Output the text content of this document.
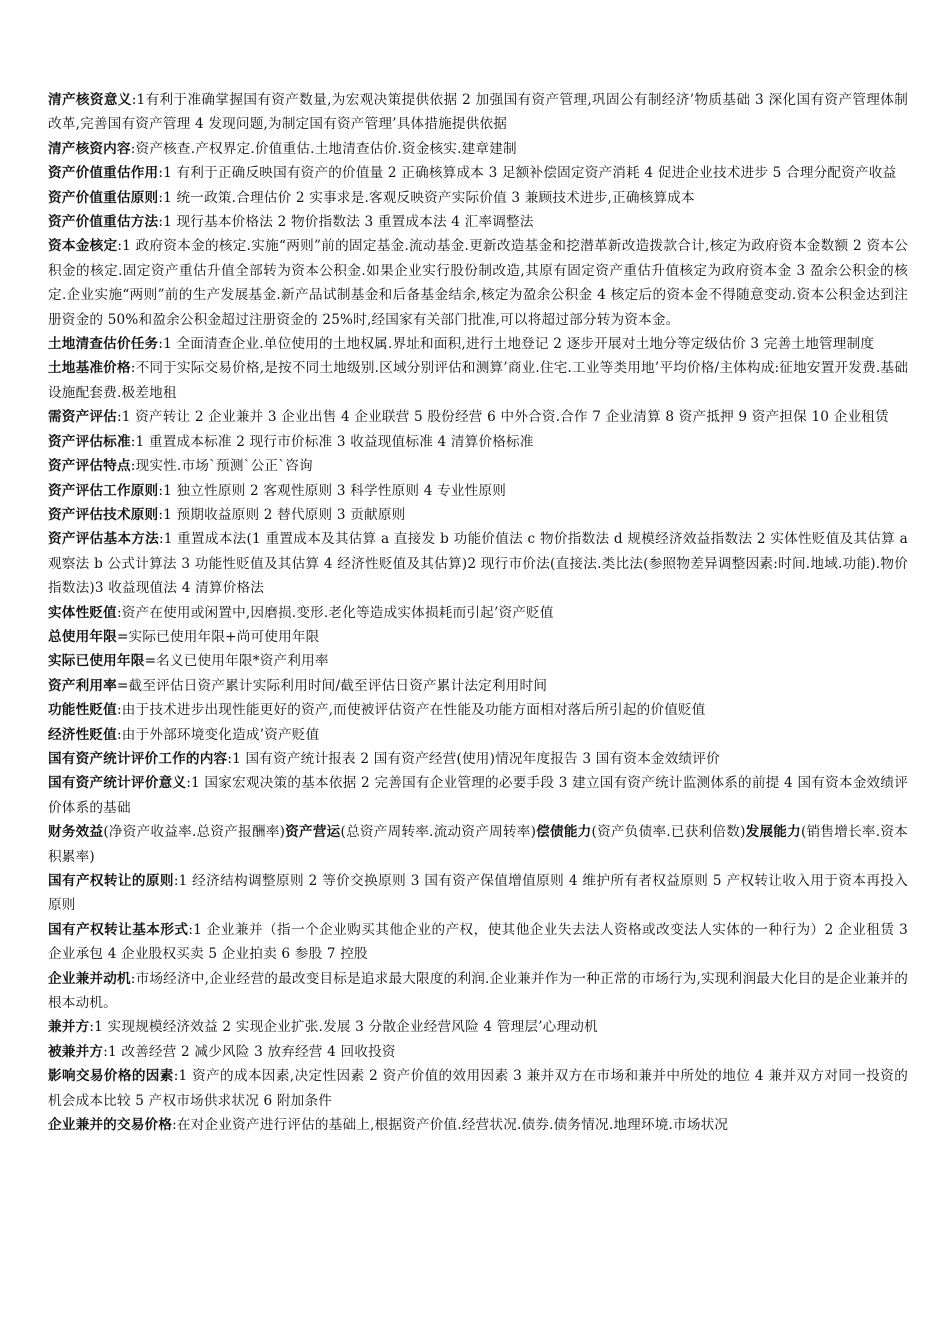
清产核资意义:1有利于准确掌握国有资产数量,为宏观决策提供依据 2 加强国有资产管理,巩固公有制经济’物质基础 3 深化国有资产管理体制改革,完善国有资产管理 4 发现问题,为制定国有资产管理’具体措施提供依据

清产核资内容:资产核查.产权界定.价值重估.土地清查估价.资金核实.建章建制

资产价值重估作用:1 有利于正确反映国有资产的价值量 2 正确核算成本 3 足额补偿固定资产消耗 4 促进企业技术进步 5 合理分配资产收益

资产价值重估原则:1 统一政策.合理估价 2 实事求是.客观反映资产实际价值 3 兼顾技术进步,正确核算成本

资产价值重估方法:1 现行基本价格法 2 物价指数法 3 重置成本法 4 汇率调整法

资本金核定:1 政府资本金的核定.实施“两则”前的固定基金.流动基金.更新改造基金和挖潜革新改造拨款合计,核定为政府资本金数额 2 资本公积金的核定.固定资产重估升值全部转为资本公积金.如果企业实行股份制改造,其原有固定资产重估升值核定为政府资本金 3 盈余公积金的核定.企业实施“两则”前的生产发展基金.新产品试制基金和后备基金结余,核定为盈余公积金 4 核定后的资本金不得随意变动.资本公积金达到注册资金的 50%和盈余公积金超过注册资金的 25%时,经国家有关部门批准,可以将超过部分转为资本金。

土地清查估价任务:1 全面清查企业.单位使用的土地权属.界址和面积,进行土地登记 2 逐步开展对土地分等定级估价 3 完善土地管理制度

土地基准价格:不同于实际交易价格,是按不同土地级别.区域分别评估和测算’商业.住宅.工业等类用地’平均价格/主体构成:征地安置开发费.基础设施配套费.极差地租

需资产评估:1 资产转让 2 企业兼并 3 企业出售 4 企业联营 5 股份经营 6 中外合资.合作 7 企业清算 8 资产抵押 9 资产担保 10 企业租赁

资产评估标准:1 重置成本标准 2 现行市价标准 3 收益现值标准 4 清算价格标准

资产评估特点:现实性.市场`预测`公正`咨询

资产评估工作原则:1 独立性原则 2 客观性原则 3 科学性原则 4 专业性原则

资产评估技术原则:1 预期收益原则 2 替代原则 3 贡献原则

资产评估基本方法:1 重置成本法(1 重置成本及其估算 a 直接发 b 功能价值法 c 物价指数法 d 规模经济效益指数法 2 实体性贬值及其估算 a 观察法 b 公式计算法 3 功能性贬值及其估算 4 经济性贬值及其估算)2 现行市价法(直接法.类比法(参照物差异调整因素:时间.地域.功能).物价指数法)3 收益现值法 4 清算价格法

实体性贬值:资产在使用或闲置中,因磨损.变形.老化等造成实体损耗而引起’资产贬值

总使用年限=实际已使用年限+尚可使用年限

实际已使用年限=名义已使用年限*资产利用率

资产利用率=截至评估日资产累计实际利用时间/截至评估日资产累计法定利用时间

功能性贬值:由于技术进步出现性能更好的资产,而使被评估资产在性能及功能方面相对落后所引起的价值贬值

经济性贬值:由于外部环境变化造成’资产贬值

国有资产统计评价工作的内容:1 国有资产统计报表 2 国有资产经营(使用)情况年度报告 3 国有资本金效绩评价

国有资产统计评价意义:1 国家宏观决策的基本依据 2 完善国有企业管理的必要手段 3 建立国有资产统计监测体系的前提 4 国有资本金效绩评价体系的基础

财务效益(净资产收益率.总资产报酬率)资产营运(总资产周转率.流动资产周转率)偿债能力(资产负债率.已获利倍数)发展能力(销售增长率.资本积累率)

国有产权转让的原则:1 经济结构调整原则 2 等价交换原则 3 国有资产保值增值原则 4 维护所有者权益原则 5 产权转让收入用于资本再投入原则

国有产权转让基本形式:1 企业兼并（指一个企业购买其他企业的产权，使其他企业失去法人资格或改变法人实体的一种行为）2 企业租赁 3 企业承包 4 企业股权买卖 5 企业拍卖 6 参股 7 控股

企业兼并动机:市场经济中,企业经营的最改变目标是追求最大限度的利润.企业兼并作为一种正常的市场行为,实现利润最大化目的是企业兼并的根本动机。

兼并方:1 实现规模经济效益 2 实现企业扩张.发展 3 分散企业经营风险 4 管理层’心理动机

被兼并方:1 改善经营 2 减少风险 3 放弃经营 4 回收投资

影响交易价格的因素:1 资产的成本因素,决定性因素 2 资产价值的效用因素 3 兼并双方在市场和兼并中所处的地位 4 兼并双方对同一投资的机会成本比较 5 产权市场供求状况 6 附加条件

企业兼并的交易价格:在对企业资产进行评估的基础上,根据资产价值.经营状况.债券.债务情况.地理环境.市场状况
